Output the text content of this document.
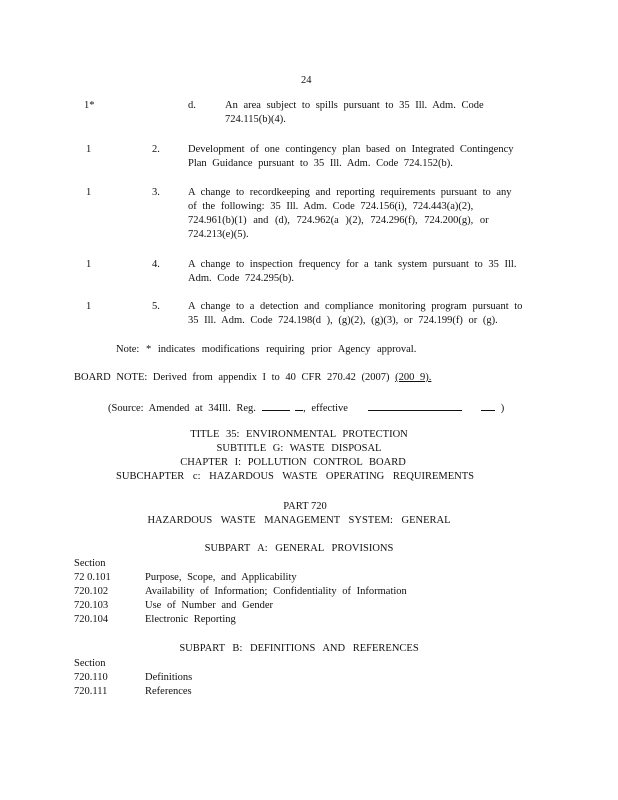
24
1*	d.	An area subject to spills pursuant to 35 Ill. Adm. Code
724.115(b)(4).
1	2.	Development of one contingency plan based on Integrated Contingency
Plan Guidance pursuant to 35 Ill. Adm. Code 724.152(b).
1	3.	A change to recordkeeping and reporting requirements pursuant to any
of the following: 35 Ill. Adm. Code 724.156(i), 724.443(a)(2),
724.961(b)(1) and (d), 724.962(a )(2), 724.296(f), 724.200(g), or
724.213(e)(5).
1	4.	A change to inspection frequency for a tank system pursuant to 35 Ill.
Adm. Code 724.295(b).
1	5.	A change to a detection and compliance monitoring program pursuant to
35 Ill. Adm. Code 724.198(d ), (g)(2), (g)(3), or 724.199(f) or (g).
Note: * indicates modifications requiring prior Agency approval.
BOARD NOTE: Derived from appendix I to 40 CFR 270.42 (2007) (200 9).
(Source: Amended at 34Ill. Reg.	, effective	)
TITLE 35: ENVIRONMENTAL PROTECTION
SUBTITLE G: WASTE DISPOSAL
CHAPTER I: POLLUTION CONTROL BOARD
SUBCHAPTER c: HAZARDOUS WASTE OPERATING REQUIREMENTS
PART 720
HAZARDOUS WASTE MANAGEMENT SYSTEM: GENERAL
SUBPART A: GENERAL PROVISIONS
Section
72 0.101	Purpose, Scope, and Applicability
720.102	Availability of Information; Confidentiality of Information
720.103	Use of Number and Gender
720.104	Electronic Reporting
SUBPART B: DEFINITIONS AND REFERENCES
Section
720.110	Definitions
720.111	References
